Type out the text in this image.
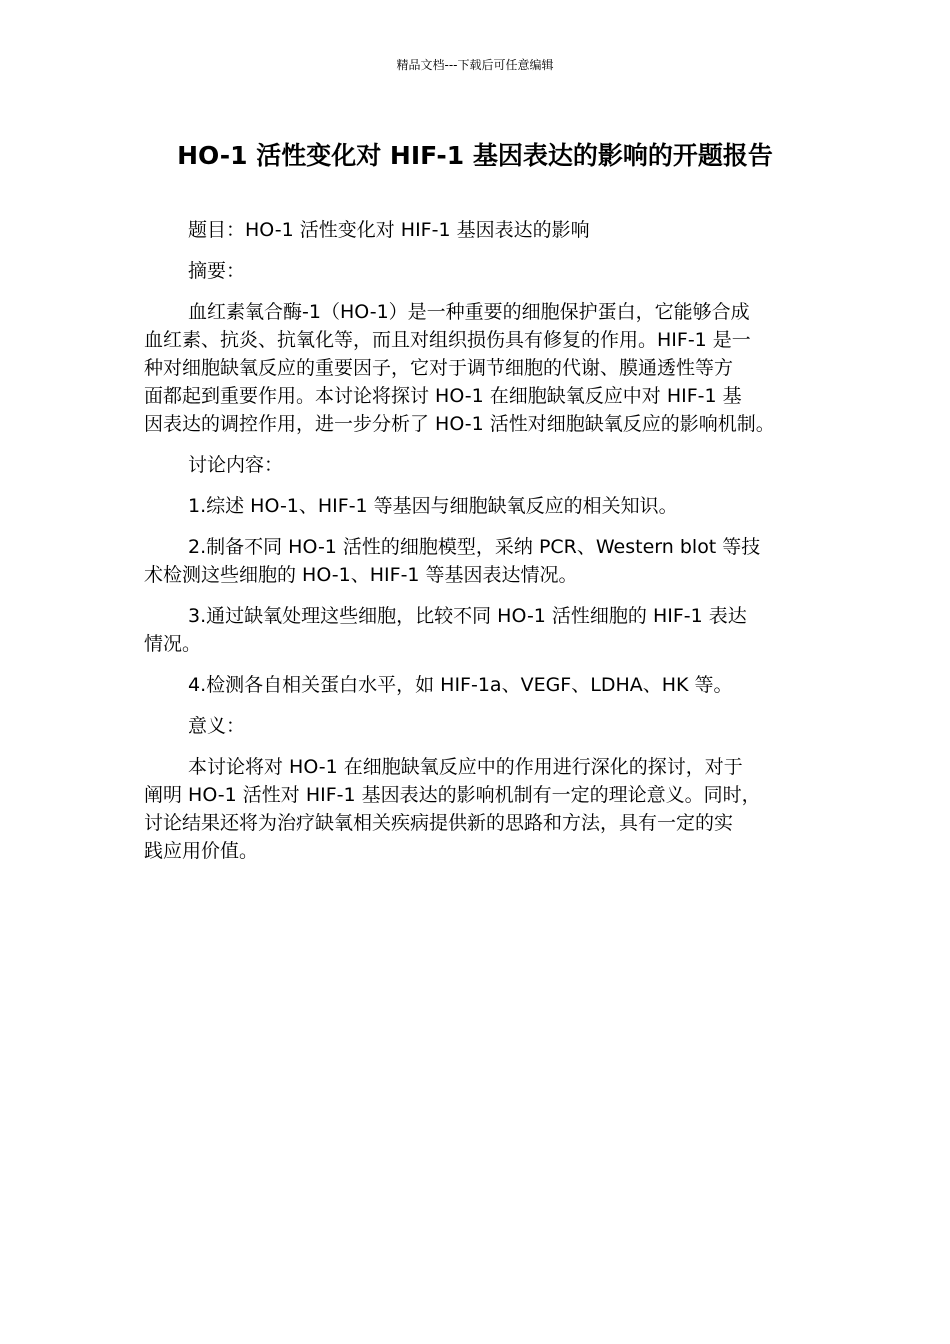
精品文档---下载后可任意编辑
HO-1 活性变化对 HIF-1 基因表达的影响的开题报告

题目：HO-1 活性变化对 HIF-1 基因表达的影响

摘要：

血红素氧合酶-1（HO-1）是一种重要的细胞保护蛋白，它能够合成
血红素、抗炎、抗氧化等，而且对组织损伤具有修复的作用。HIF-1 是一
种对细胞缺氧反应的重要因子，它对于调节细胞的代谢、膜通透性等方
面都起到重要作用。本讨论将探讨 HO-1 在细胞缺氧反应中对 HIF-1 基
因表达的调控作用，进一步分析了 HO-1 活性对细胞缺氧反应的影响机制。

讨论内容：

1.综述 HO-1、HIF-1 等基因与细胞缺氧反应的相关知识。
2.制备不同 HO-1 活性的细胞模型，采纳 PCR、Western blot 等技
术检测这些细胞的 HO-1、HIF-1 等基因表达情况。
3.通过缺氧处理这些细胞，比较不同 HO-1 活性细胞的 HIF-1 表达
情况。
4.检测各自相关蛋白水平，如 HIF-1a、VEGF、LDHA、HK 等。

意义：

本讨论将对 HO-1 在细胞缺氧反应中的作用进行深化的探讨，对于
阐明 HO-1 活性对 HIF-1 基因表达的影响机制有一定的理论意义。同时，
讨论结果还将为治疗缺氧相关疾病提供新的思路和方法，具有一定的实
践应用价值。
